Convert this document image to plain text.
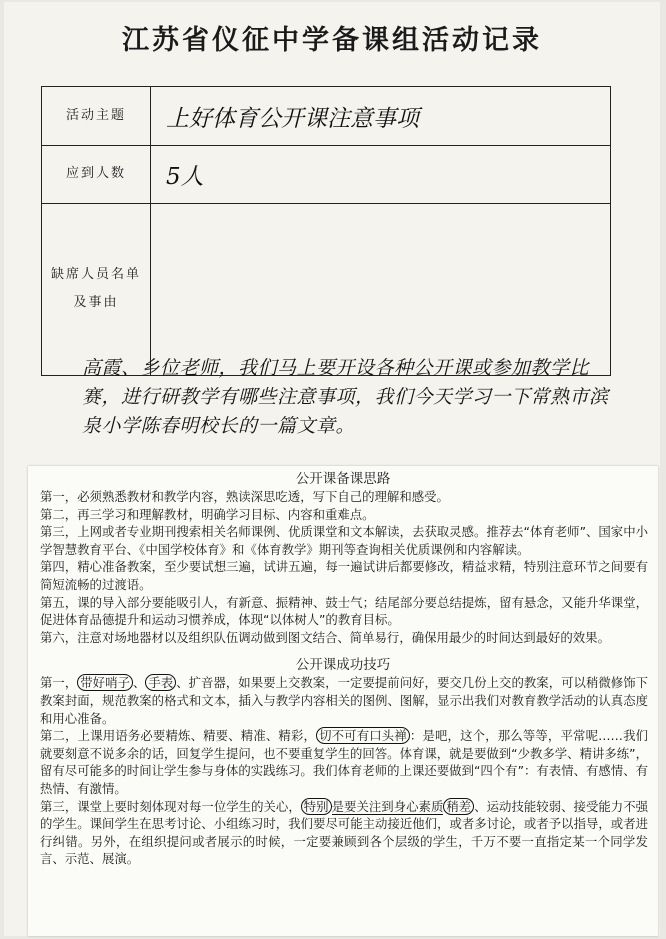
江苏省仪征中学备课组活动记录
活动主题	上好体育公开课注意事项
应到人数	5人
缺席人员名单
及事由
高霞、乡位老师，我们马上要开设各种公开课或参加教学比赛，进行研教学有哪些注意事项，我们今天学习一下常熟市滨泉小学陈春明校长的一篇文章。

公开课备课思路

第一，必须熟悉教材和教学内容，熟读深思吃透，写下自己的理解和感受。

第二，再三学习和理解教材，明确学习目标、内容和重难点。

第三，上网或者专业期刊搜索相关名师课例、优质课堂和文本解读，去获取灵感。推荐去“体育老师”、国家中小学智慧教育平台、《中国学校体育》和《体育教学》期刊等查询相关优质课例和内容解读。

第四，精心准备教案，至少要试想三遍，试讲五遍，每一遍试讲后都要修改，精益求精，特别注意环节之间要有简短流畅的过渡语。

第五，课的导入部分要能吸引人，有新意、振精神、鼓士气；结尾部分要总结提炼，留有悬念，又能升华课堂，促进体育品德提升和运动习惯养成，体现“以体树人”的教育目标。

第六，注意对场地器材以及组织队伍调动做到图文结合、简单易行，确保用最少的时间达到最好的效果。

公开课成功技巧

第一， 带好哨子 、 手表 、扩音器，如果要上交教案，一定要提前问好，要交几份上交的教案，可以稍微修饰下教案封面，规范教案的格式和文本，插入与教学内容相关的图例、图解，显示出我们对教育教学活动的认真态度和用心准备。

第二，上课用语务必要精炼、精要、精准、精彩， 切不可有口头禅 ：是吧，这个，那么等等，平常呢……我们就要刻意不说多余的话，回复学生提问，也不要重复学生的回答。体育课，就是要做到“少教多学、精讲多练”，留有尽可能多的时间让学生参与身体的实践练习。我们体育老师的上课还要做到“四个有”：有表情、有感情、有热情、有激情。

第三，课堂上要时刻体现对每一位学生的关心， 特别 是要关注到身心素质 稍差 、运动技能较弱、接受能力不强的学生。课间学生在思考讨论、小组练习时，我们要尽可能主动接近他们，或者多讨论，或者予以指导，或者进行纠错。另外，在组织提问或者展示的时候，一定要兼顾到各个层级的学生，千万不要一直指定某一个同学发言、示范、展演。
